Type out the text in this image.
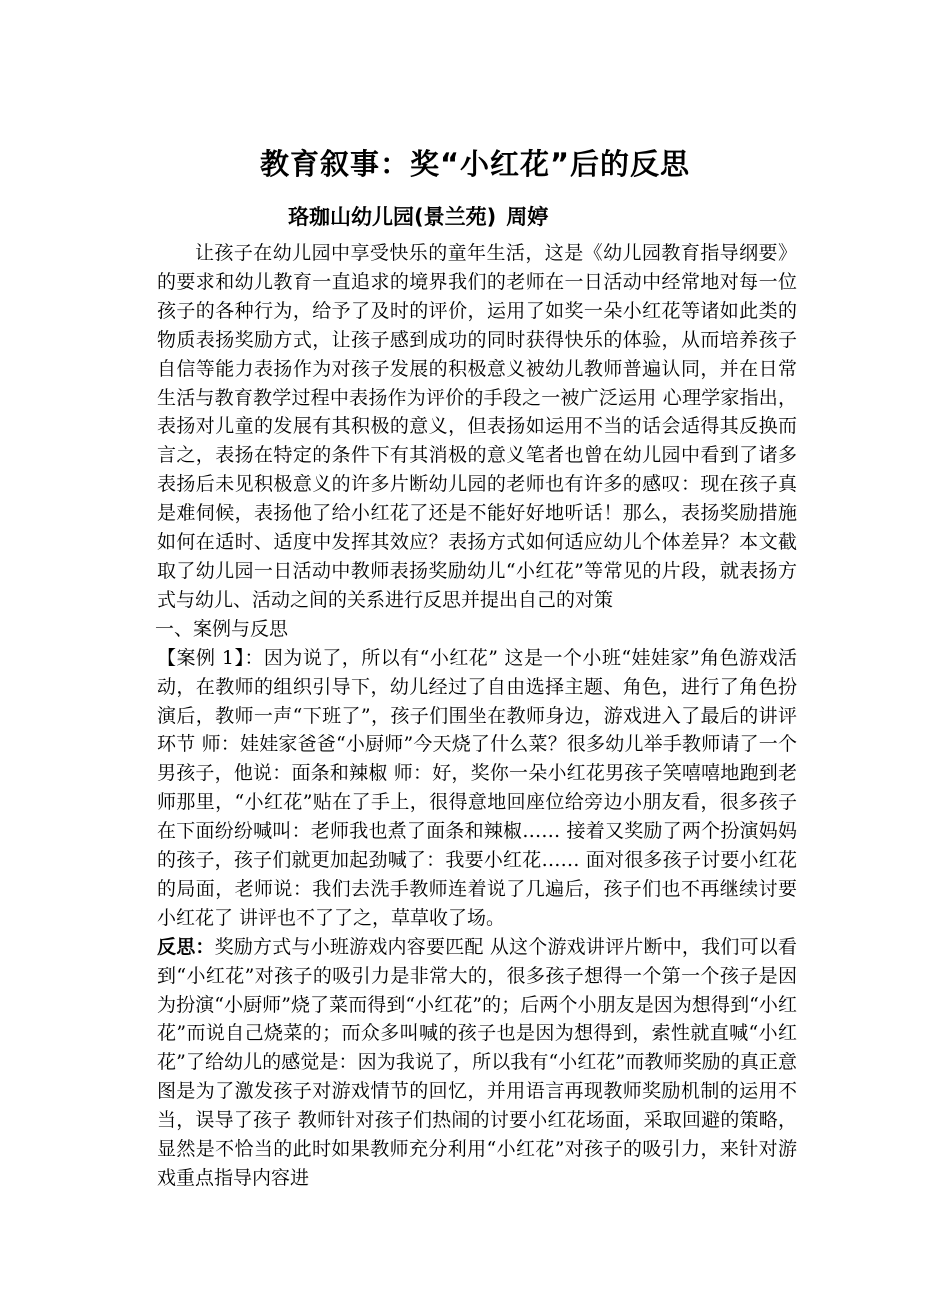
教育叙事：奖“小红花”后的反思

珞珈山幼儿园(景兰苑) 周婷

让孩子在幼儿园中享受快乐的童年生活，这是《幼儿园教育指导纲要》的要求和幼儿教育一直追求的境界我们的老师在一日活动中经常地对每一位孩子的各种行为，给予了及时的评价，运用了如奖一朵小红花等诸如此类的物质表扬奖励方式，让孩子感到成功的同时获得快乐的体验，从而培养孩子自信等能力表扬作为对孩子发展的积极意义被幼儿教师普遍认同，并在日常生活与教育教学过程中表扬作为评价的手段之一被广泛运用 心理学家指出，表扬对儿童的发展有其积极的意义，但表扬如运用不当的话会适得其反换而言之，表扬在特定的条件下有其消极的意义笔者也曾在幼儿园中看到了诸多表扬后未见积极意义的许多片断幼儿园的老师也有许多的感叹：现在孩子真是难伺候，表扬他了给小红花了还是不能好好地听话！那么，表扬奖励措施如何在适时、适度中发挥其效应？表扬方式如何适应幼儿个体差异？本文截取了幼儿园一日活动中教师表扬奖励幼儿“小红花”等常见的片段，就表扬方式与幼儿、活动之间的关系进行反思并提出自己的对策

一、案例与反思

【案例 1】：因为说了，所以有“小红花” 这是一个小班“娃娃家”角色游戏活动，在教师的组织引导下，幼儿经过了自由选择主题、角色，进行了角色扮演后，教师一声“下班了”，孩子们围坐在教师身边，游戏进入了最后的讲评环节 师：娃娃家爸爸“小厨师”今天烧了什么菜？很多幼儿举手教师请了一个男孩子，他说：面条和辣椒 师：好，奖你一朵小红花男孩子笑嘻嘻地跑到老师那里，“小红花”贴在了手上，很得意地回座位给旁边小朋友看，很多孩子在下面纷纷喊叫：老师我也煮了面条和辣椒…… 接着又奖励了两个扮演妈妈的孩子，孩子们就更加起劲喊了：我要小红花…… 面对很多孩子讨要小红花的局面，老师说：我们去洗手教师连着说了几遍后，孩子们也不再继续讨要小红花了 讲评也不了了之，草草收了场。

反思：奖励方式与小班游戏内容要匹配 从这个游戏讲评片断中，我们可以看到“小红花”对孩子的吸引力是非常大的，很多孩子想得一个第一个孩子是因为扮演“小厨师”烧了菜而得到“小红花”的；后两个小朋友是因为想得到“小红花”而说自己烧菜的；而众多叫喊的孩子也是因为想得到，索性就直喊“小红花”了给幼儿的感觉是：因为我说了，所以我有“小红花”而教师奖励的真正意图是为了激发孩子对游戏情节的回忆，并用语言再现教师奖励机制的运用不当，误导了孩子 教师针对孩子们热闹的讨要小红花场面，采取回避的策略，显然是不恰当的此时如果教师充分利用“小红花”对孩子的吸引力，来针对游戏重点指导内容进
